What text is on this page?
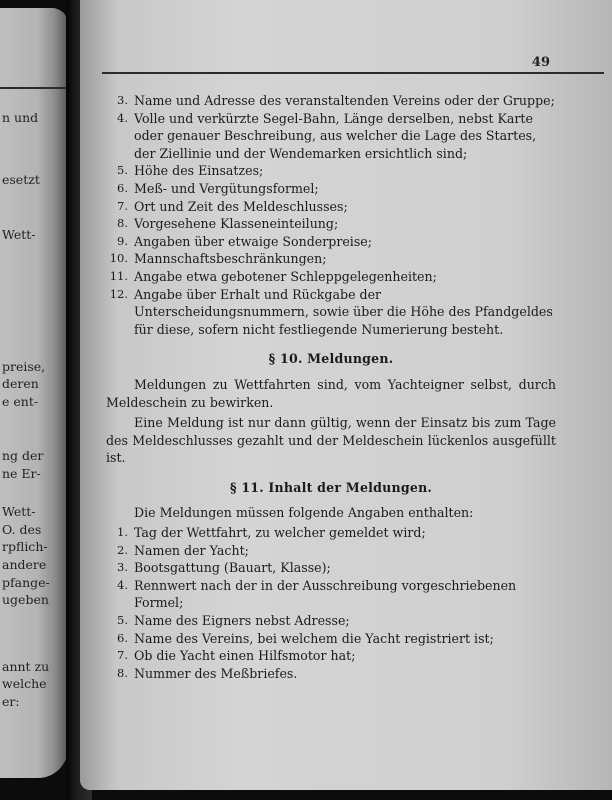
n und
esetzt
Wett-
preise,
deren
e ent-
ng der
ne Er-
Wett-
O. des
rpflich-
andere
pfange-
ugeben
annt zu
welche
er:
49
3. Name und Adresse des veranstaltenden Vereins oder der Gruppe;
4. Volle und verkürzte Segel-Bahn, Länge derselben, nebst Karte oder genauer Beschreibung, aus welcher die Lage des Startes, der Ziellinie und der Wendemarken ersichtlich sind;
5. Höhe des Einsatzes;
6. Meß- und Vergütungsformel;
7. Ort und Zeit des Meldeschlusses;
8. Vorgesehene Klasseneinteilung;
9. Angaben über etwaige Sonderpreise;
10. Mannschaftsbeschränkungen;
11. Angabe etwa gebotener Schleppgelegenheiten;
12. Angabe über Erhalt und Rückgabe der Unterscheidungsnummern, sowie über die Höhe des Pfandgeldes für diese, sofern nicht festliegende Numerierung besteht.
§ 10. Meldungen.

Meldungen zu Wettfahrten sind, vom Yachteigner selbst, durch Meldeschein zu bewirken.

Eine Meldung ist nur dann gültig, wenn der Einsatz bis zum Tage des Meldeschlusses gezahlt und der Meldeschein lückenlos ausgefüllt ist.

§ 11. Inhalt der Meldungen.

Die Meldungen müssen folgende Angaben enthalten:

1. Tag der Wettfahrt, zu welcher gemeldet wird;
2. Namen der Yacht;
3. Bootsgattung (Bauart, Klasse);
4. Rennwert nach der in der Ausschreibung vorgeschriebenen Formel;
5. Name des Eigners nebst Adresse;
6. Name des Vereins, bei welchem die Yacht registriert ist;
7. Ob die Yacht einen Hilfsmotor hat;
8. Nummer des Meßbriefes.
